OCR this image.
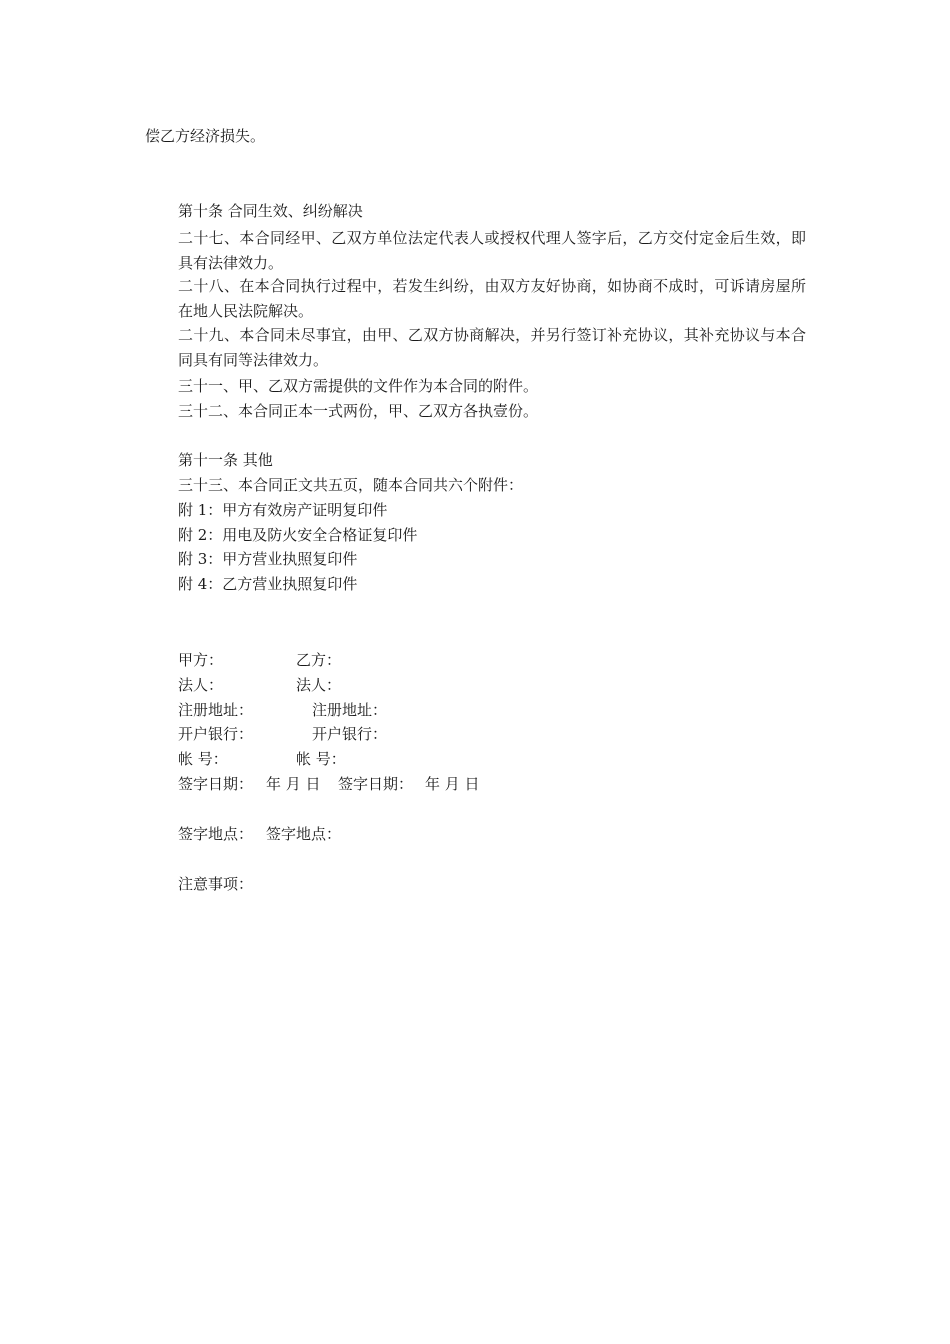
偿乙方经济损失。
第十条 合同生效、纠纷解决
二十七、本合同经甲、乙双方单位法定代表人或授权代理人签字后，乙方交付定金后生效，即具有法律效力。
二十八、在本合同执行过程中，若发生纠纷，由双方友好协商，如协商不成时，可诉请房屋所在地人民法院解决。
二十九、本合同未尽事宜，由甲、乙双方协商解决，并另行签订补充协议，其补充协议与本合同具有同等法律效力。
三十一、甲、乙双方需提供的文件作为本合同的附件。
三十二、本合同正本一式两份，甲、乙双方各执壹份。
第十一条 其他
三十三、本合同正文共五页，随本合同共六个附件：
附 1：甲方有效房产证明复印件
附 2：用电及防火安全合格证复印件
附 3：甲方营业执照复印件
附 4：乙方营业执照复印件
甲方：	乙方：
法人：	法人：
注册地址：	注册地址：
开户银行：	开户银行：
帐 号：	帐 号：
签字日期： 年 月 日 签字日期： 年 月 日
签字地点： 签字地点：
注意事项：
